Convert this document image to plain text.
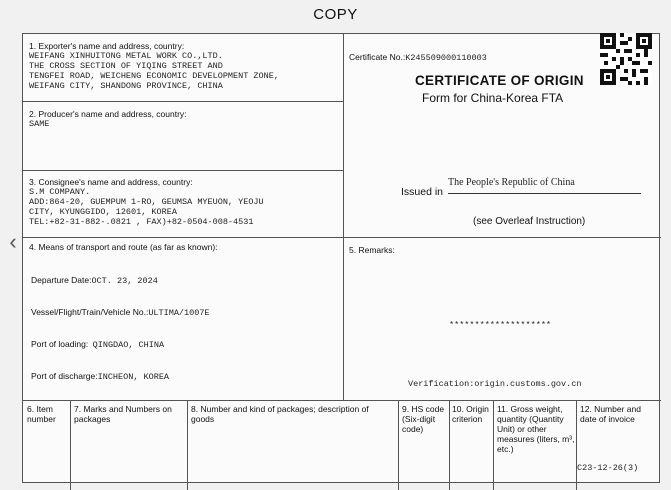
COPY
‹
1. Exporter's name and address, country:
WEIFANG XINHUITONG METAL WORK CO.,LTD.
THE CROSS SECTION OF YIQING STREET AND
TENGFEI ROAD, WEICHENG ECONOMIC DEVELOPMENT ZONE,
WEIFANG CITY, SHANDONG PROVINCE, CHINA
2. Producer's name and address, country:
SAME
3. Consignee's name and address, country:
S.M COMPANY.
ADD:864-20, GUEMPUM 1-RO, GEUMSA MYEUON, YEOJU
CITY, KYUNGGIDO, 12601, KOREA
TEL:+82-31-882-.0821 , FAX)+82-0504-008-4531
4. Means of transport and route (as far as known):
Departure Date:OCT. 23, 2024
Vessel/Flight/Train/Vehicle No.:ULTIMA/1007E
Port of loading: QINGDAO, CHINA
Port of discharge:INCHEON, KOREA
Certificate No.:K245509000110003
CERTIFICATE OF ORIGIN
Form for China-Korea FTA
Issued in
The People's Republic of China
(see Overleaf Instruction)
5. Remarks:
********************
Verification:origin.customs.gov.cn
6. Item number
7. Marks and Numbers on packages
8. Number and kind of packages; description of goods
9. HS code (Six-digit code)
10. Origin criterion
11. Gross weight, quantity (Quantity Unit) or other measures (liters, m³, etc.)
12. Number and date of invoice
C23-12-26(3)
